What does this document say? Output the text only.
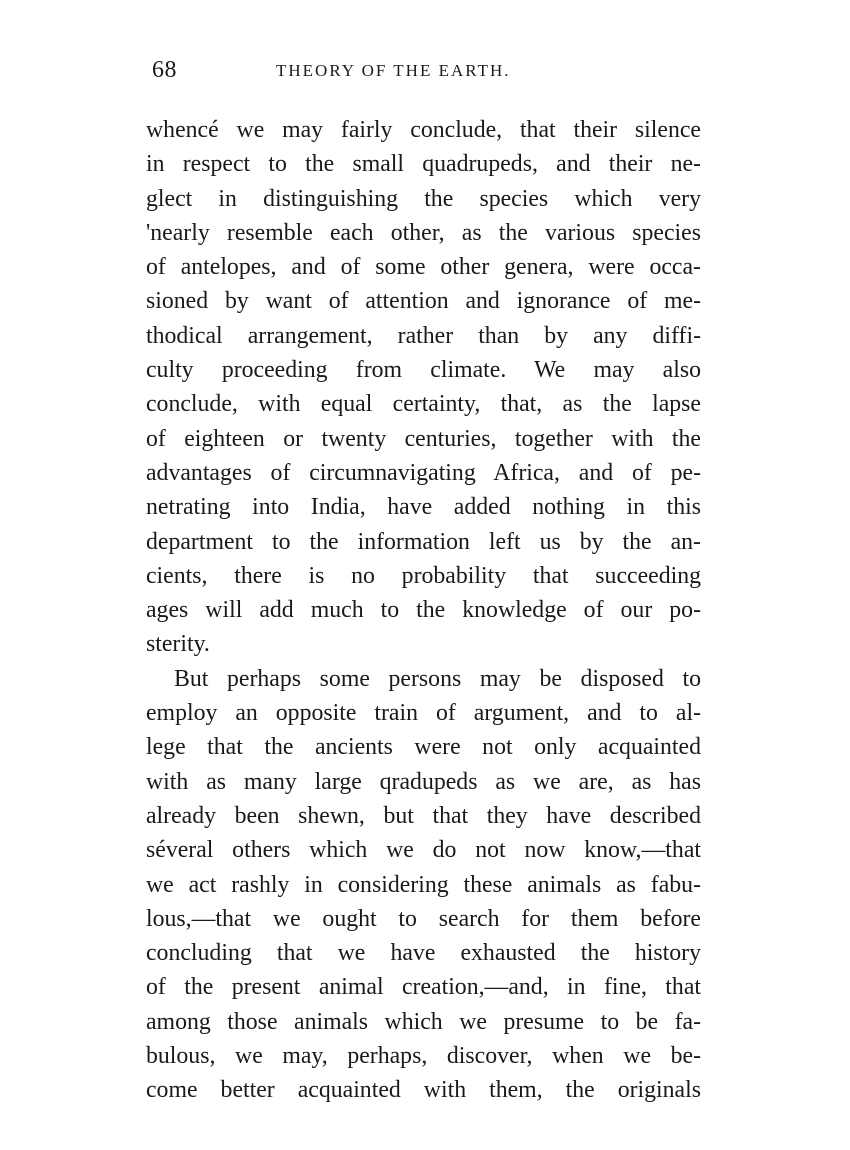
68	THEORY OF THE EARTH.
whencé we may fairly conclude, that their silence
in respect to the small quadrupeds, and their ne-
glect in distinguishing the species which very
'nearly resemble each other, as the various species
of antelopes, and of some other genera, were occa-
sioned by want of attention and ignorance of me-
thodical arrangement, rather than by any diffi-
culty proceeding from climate. We may also
conclude, with equal certainty, that, as the lapse
of eighteen or twenty centuries, together with the
advantages of circumnavigating Africa, and of pe-
netrating into India, have added nothing in this
department to the information left us by the an-
cients, there is no probability that succeeding
ages will add much to the knowledge of our po-
sterity.
But perhaps some persons may be disposed to
employ an opposite train of argument, and to al-
lege that the ancients were not only acquainted
with as many large qradupeds as we are, as has
already been shewn, but that they have described
séveral others which we do not now know,—that
we act rashly in considering these animals as fabu-
lous,—that we ought to search for them before
concluding that we have exhausted the history
of the present animal creation,—and, in fine, that
among those animals which we presume to be fa-
bulous, we may, perhaps, discover, when we be-
come better acquainted with them, the originals
